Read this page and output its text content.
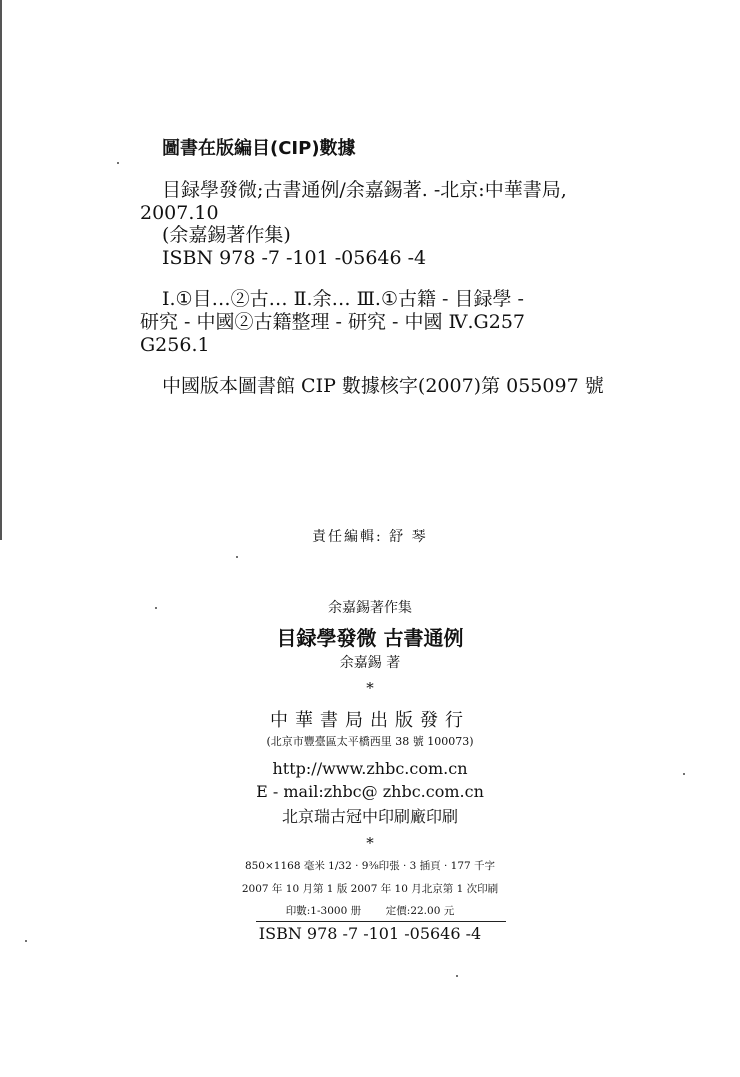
圖書在版編目(CIP)數據
目録學發微;古書通例/余嘉錫著. -北京:中華書局,
2007.10
(余嘉錫著作集)
ISBN 978 -7 -101 -05646 -4
Ⅰ.①目…②古… Ⅱ.余… Ⅲ.①古籍 - 目録學 -
研究 - 中國②古籍整理 - 研究 - 中國 Ⅳ.G257
G256.1
中國版本圖書館 CIP 數據核字(2007)第 055097 號
責任編輯: 舒 琴
余嘉錫著作集
目録學發微 古書通例
余嘉錫 著
*
中華書局出版發行
(北京市豐臺區太平橋西里 38 號 100073)
http://www.zhbc.com.cn
E - mail:zhbc@ zhbc.com.cn
北京瑞古冠中印刷廠印刷
*
850×1168 毫米 1/32 · 9⅜印張 · 3 插頁 · 177 千字
2007 年 10 月第 1 版 2007 年 10 月北京第 1 次印刷
印數:1-3000 册 定價:22.00 元
ISBN 978 -7 -101 -05646 -4
